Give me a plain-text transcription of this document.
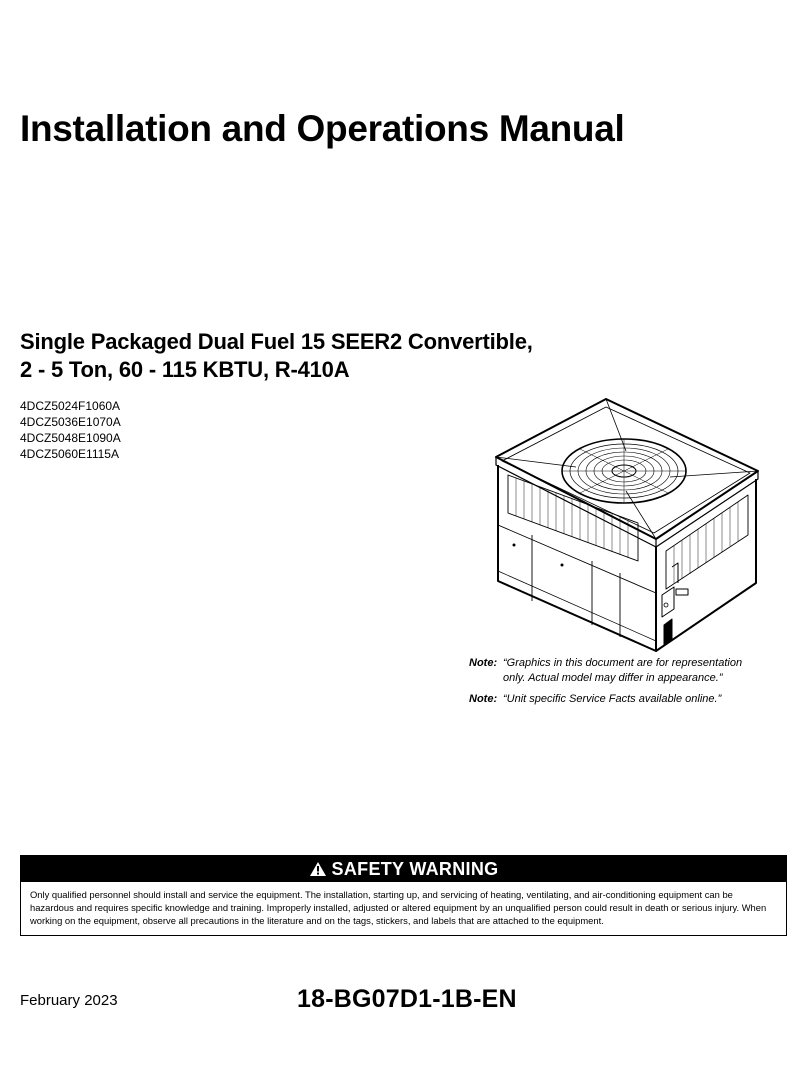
Installation and Operations Manual
Single Packaged Dual Fuel 15 SEER2 Convertible,
2 - 5 Ton, 60 - 115 KBTU, R-410A
4DCZ5024F1060A
4DCZ5036E1070A
4DCZ5048E1090A
4DCZ5060E1115A
Note: “Graphics in this document are for representation
only. Actual model may differ in appearance.”
Note: “Unit specific Service Facts available online.”
SAFETY WARNING
Only qualified personnel should install and service the equipment. The installation, starting up, and servicing of heating, ventilating, and air-conditioning equipment can be hazardous and requires specific knowledge and training. Improperly installed, adjusted or altered equipment by an unqualified person could result in death or serious injury. When working on the equipment, observe all precautions in the literature and on the tags, stickers, and labels that are attached to the equipment.
February 2023	18-BG07D1-1B-EN
